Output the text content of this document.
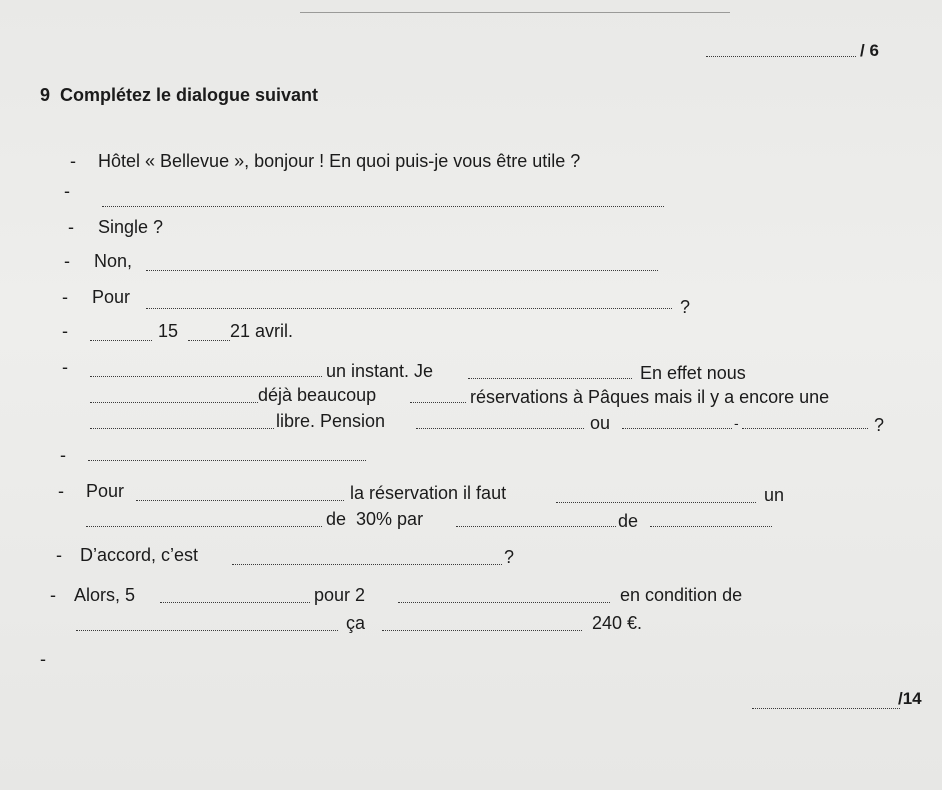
/ 6
9 Complétez le dialogue suivant
- Hôtel « Bellevue », bonjour ! En quoi puis-je vous être utile ?
-
- Single ?
- Non,
- Pour	?
-	15	21 avril.
-	un instant. Je	En effet nous
déjà beaucoup	réservations à Pâques mais il y a encore une
libre. Pension	ou	-	?
-
- Pour	la réservation il faut	un
de  30% par	de
- D’accord, c’est	?
- Alors, 5	pour 2	en condition de
ça	240 €.
-
/14
